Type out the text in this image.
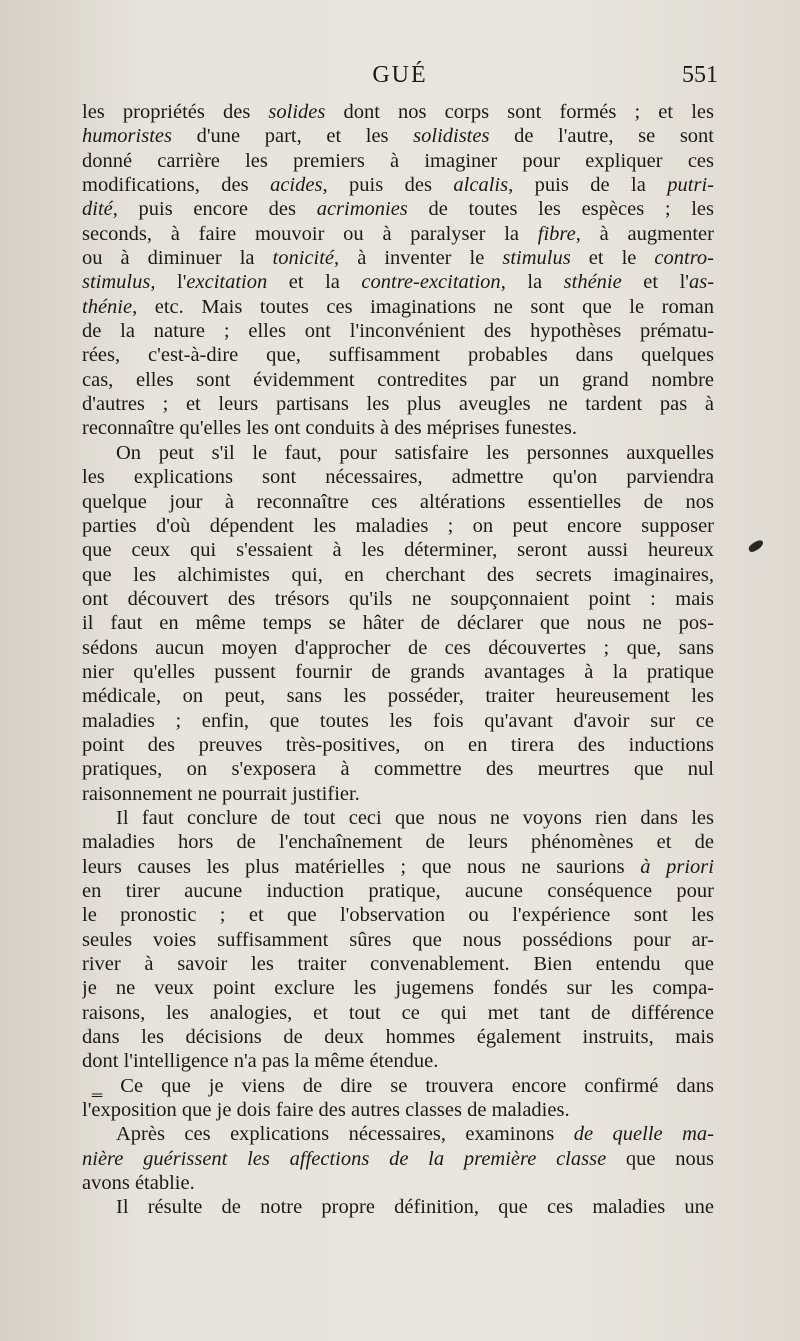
GUÉ	551

les propriétés des solides dont nos corps sont formés ; et les
humoristes d'une part, et les solidistes de l'autre, se sont
donné carrière les premiers à imaginer pour expliquer ces
modifications, des acides, puis des alcalis, puis de la putri-
dité, puis encore des acrimonies de toutes les espèces ; les
seconds, à faire mouvoir ou à paralyser la fibre, à augmenter
ou à diminuer la tonicité, à inventer le stimulus et le contro-
stimulus, l'excitation et la contre-excitation, la sthénie et l'as-
thénie, etc. Mais toutes ces imaginations ne sont que le roman
de la nature ; elles ont l'inconvénient des hypothèses prématu-
rées, c'est-à-dire que, suffisamment probables dans quelques
cas, elles sont évidemment contredites par un grand nombre
d'autres ; et leurs partisans les plus aveugles ne tardent pas à
reconnaître qu'elles les ont conduits à des méprises funestes.

On peut s'il le faut, pour satisfaire les personnes auxquelles
les explications sont nécessaires, admettre qu'on parviendra
quelque jour à reconnaître ces altérations essentielles de nos
parties d'où dépendent les maladies ; on peut encore supposer
que ceux qui s'essaient à les déterminer, seront aussi heureux
que les alchimistes qui, en cherchant des secrets imaginaires,
ont découvert des trésors qu'ils ne soupçonnaient point : mais
il faut en même temps se hâter de déclarer que nous ne pos-
sédons aucun moyen d'approcher de ces découvertes ; que, sans
nier qu'elles pussent fournir de grands avantages à la pratique
médicale, on peut, sans les posséder, traiter heureusement les
maladies ; enfin, que toutes les fois qu'avant d'avoir sur ce
point des preuves très-positives, on en tirera des inductions
pratiques, on s'exposera à commettre des meurtres que nul
raisonnement ne pourrait justifier.

Il faut conclure de tout ceci que nous ne voyons rien dans les
maladies hors de l'enchaînement de leurs phénomènes et de
leurs causes les plus matérielles ; que nous ne saurions à priori
en tirer aucune induction pratique, aucune conséquence pour
le pronostic ; et que l'observation ou l'expérience sont les
seules voies suffisamment sûres que nous possédions pour ar-
river à savoir les traiter convenablement. Bien entendu que
je ne veux point exclure les jugemens fondés sur les compa-
raisons, les analogies, et tout ce qui met tant de différence
dans les décisions de deux hommes également instruits, mais
dont l'intelligence n'a pas la même étendue.

‗ Ce que je viens de dire se trouvera encore confirmé dans
l'exposition que je dois faire des autres classes de maladies.

Après ces explications nécessaires, examinons de quelle ma-
nière guérissent les affections de la première classe que nous
avons établie.

Il résulte de notre propre définition, que ces maladies une
